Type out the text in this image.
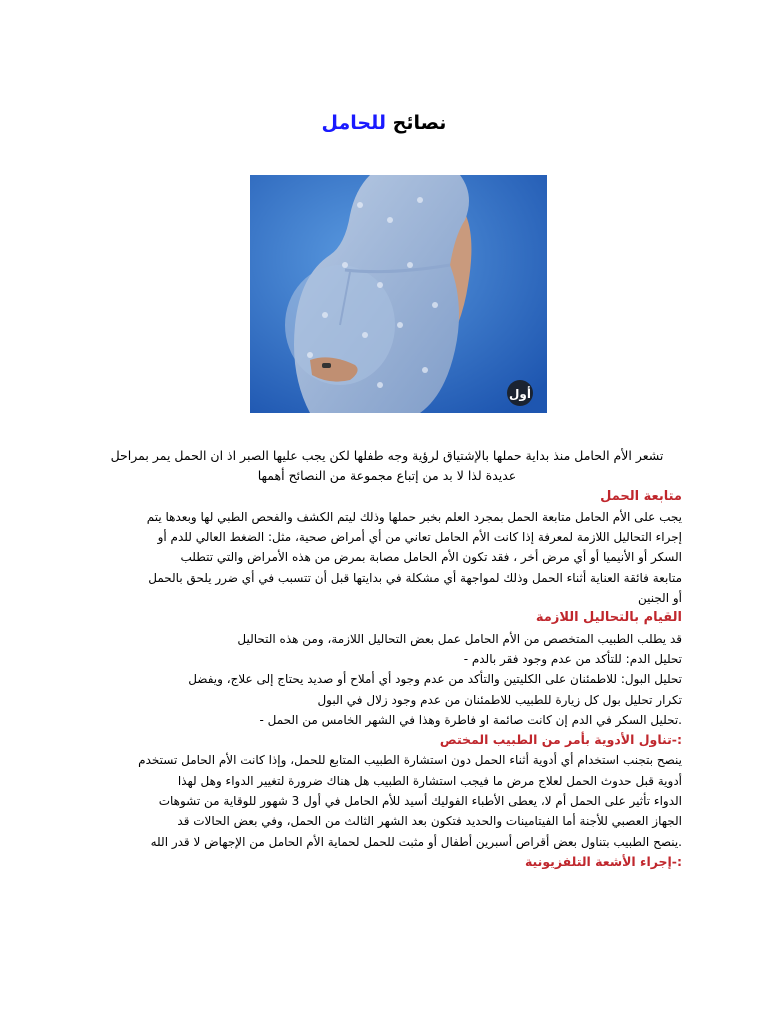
نصائح للحامل
أول

تشعر الأم الحامل منذ بداية حملها بالإشتياق لرؤية وجه طفلها لكن يجب عليها الصبر اذ ان الحمل يمر بمراحل

عديدة لذا لا بد من إتباع مجموعة من النصائح أهمها

متابعة الحمل

يجب على الأم الحامل متابعة الحمل بمجرد العلم بخبر حملها وذلك ليتم الكشف والفحص الطبي لها وبعدها يتم

إجراء التحاليل اللازمة لمعرفة إذا كانت الأم الحامل تعاني من أي أمراض صحية، مثل: الضغط العالي للدم أو

السكر أو الأنيميا أو أي مرض أخر ، فقد تكون الأم الحامل مصابة بمرض من هذه الأمراض والتي تتطلب

متابعة فائقة العناية أثناء الحمل وذلك لمواجهة أي مشكلة في بدايتها قبل أن تتسبب في أي ضرر يلحق بالحمل

أو الجنين

القيام بالتحاليل اللازمة

قد يطلب الطبيب المتخصص من الأم الحامل عمل بعض التحاليل اللازمة، ومن هذه التحاليل

تحليل الدم: للتأكد من عدم وجود فقر بالدم -

تحليل البول: للاطمئنان على الكليتين والتأكد من عدم وجود أي أملاح أو صديد يحتاج إلى علاج، ويفضل

تكرار تحليل بول كل زيارة للطبيب للاطمئنان من عدم وجود زلال في البول

.تحليل السكر في الدم إن كانت صائمة او فاطرة وهذا في الشهر الخامس من الحمل -

:-تناول الأدوية بأمر من الطبيب المختص

ينصح بتجنب استخدام أي أدوية أثناء الحمل دون استشارة الطبيب المتابع للحمل، وإذا كانت الأم الحامل تستخدم

أدوية قبل حدوث الحمل لعلاج مرض ما فيجب استشارة الطبيب هل هناك ضرورة لتغيير الدواء وهل لهذا

الدواء تأثير على الحمل أم لا، يعطى الأطباء الفوليك أسيد للأم الحامل في أول 3 شهور للوقاية من تشوهات

الجهاز العصبي للأجنة أما الفيتامينات والحديد فتكون بعد الشهر الثالث من الحمل، وفي بعض الحالات قد

.ينصح الطبيب بتناول بعض أقراص أسبرين أطفال أو مثبت للحمل لحماية الأم الحامل من الإجهاض لا قدر الله

:-إجراء الأشعة التلفزيونية
